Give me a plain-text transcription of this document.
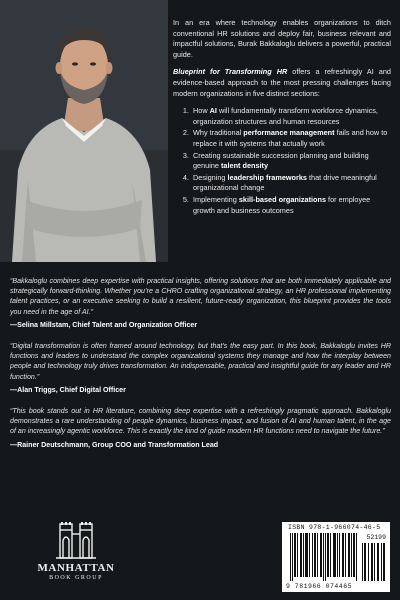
In an era where technology enables organizations to ditch conventional HR solutions and deploy fair, business relevant and impactful solutions, Burak Bakkaloglu delivers a powerful, practical guide.

Blueprint for Transforming HR offers a refreshingly AI and evidence-based approach to the most pressing challenges facing modern organizations in five distinct sections:

1. How AI will fundamentally transform workforce dynamics, organization structures and human resources
2. Why traditional performance management fails and how to replace it with systems that actually work
3. Creating sustainable succession planning and building genuine talent density
4. Designing leadership frameworks that drive meaningful organizational change
5. Implementing skill-based organizations for employee growth and business outcomes
“Bakkaloglu combines deep expertise with practical insights, offering solutions that are both immediately applicable and strategically forward-thinking. Whether you’re a CHRO crafting organizational strategy, an HR professional implementing talent practices, or an executive seeking to build a resilient, future-ready organization, this blueprint provides the tools you need in the age of AI.”
—Selina Millstam, Chief Talent and Organization Officer
“Digital transformation is often framed around technology, but that’s the easy part. In this book, Bakkaloglu invites HR functions and leaders to understand the complex organizational systems they manage and how the interplay between people and technology truly drives transformation. An indispensable, practical and insightful guide for any leader and HR function.”
—Alan Triggs, Chief Digital Officer
“This book stands out in HR literature, combining deep expertise with a refreshingly pragmatic approach. Bakkaloglu demonstrates a rare understanding of people dynamics, business impact, and fusion of AI and human talent, in the age of an increasingly agentic workforce. This is exactly the kind of guide modern HR functions need to navigate the future.”
—Rainer Deutschmann, Group COO and Transformation Lead
MANHATTAN
BOOK GROUP
ISBN 978-1-966074-46-5
52199
9 781966 074465
